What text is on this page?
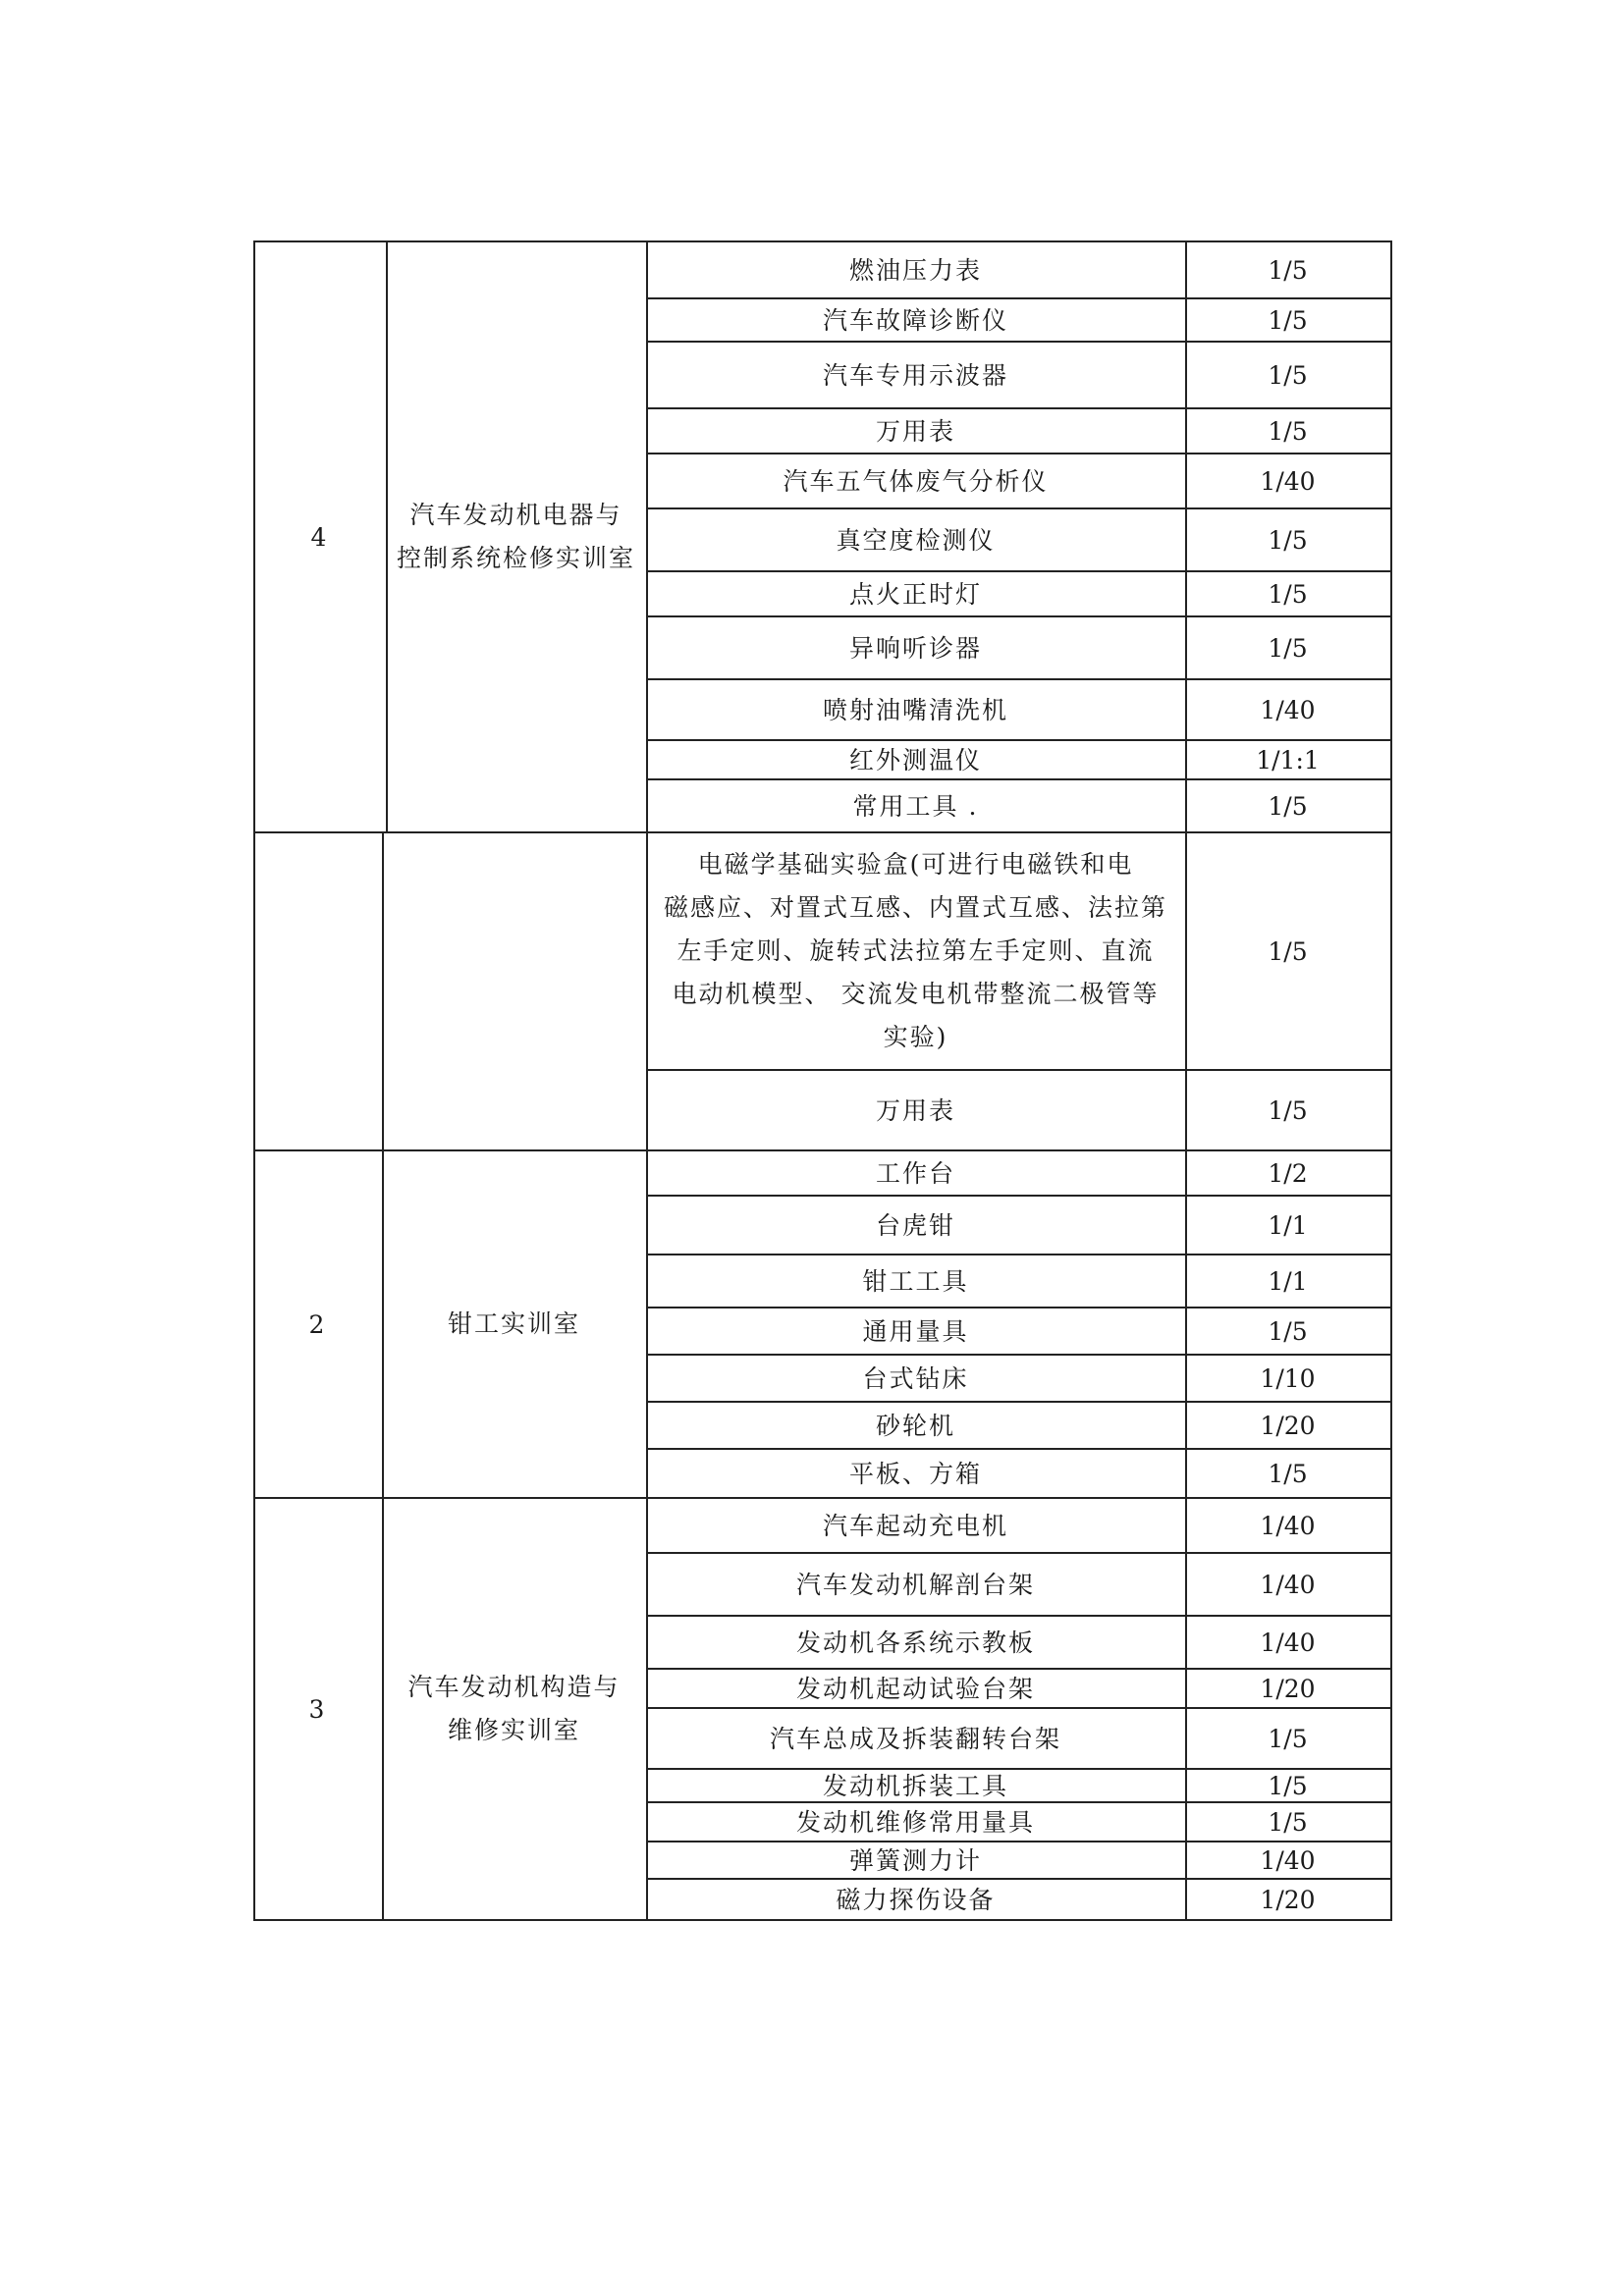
4
汽车发动机电器与
控制系统检修实训室
燃油压力表	1/5
汽车故障诊断仪	1/5
汽车专用示波器	1/5
万用表	1/5
汽车五气体废气分析仪	1/40
真空度检测仪	1/5
点火正时灯	1/5
异响听诊器	1/5
喷射油嘴清洗机	1/40
红外测温仪	1/1:1
常用工具 .	1/5
电磁学基础实验盒(可进行电磁铁和电
磁感应、对置式互感、内置式互感、法拉第
左手定则、旋转式法拉第左手定则、直流
电动机模型、 交流发电机带整流二极管等
实验)
1/5
万用表	1/5
2	钳工实训室
工作台	1/2
台虎钳	1/1
钳工工具	1/1
通用量具	1/5
台式钻床	1/10
砂轮机	1/20
平板、方箱	1/5
3
汽车发动机构造与
维修实训室
汽车起动充电机	1/40
汽车发动机解剖台架	1/40
发动机各系统示教板	1/40
发动机起动试验台架	1/20
汽车总成及拆装翻转台架	1/5
发动机拆装工具	1/5
发动机维修常用量具	1/5
弹簧测力计	1/40
磁力探伤设备	1/20
